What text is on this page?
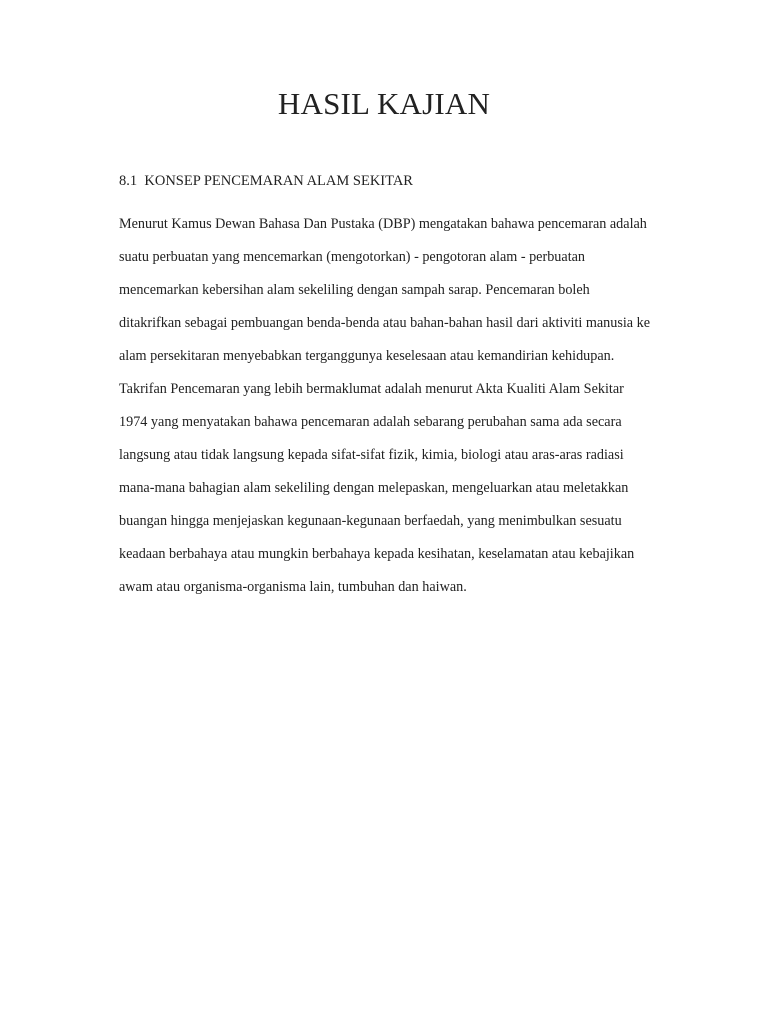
HASIL KAJIAN

8.1  KONSEP PENCEMARAN ALAM SEKITAR

Menurut Kamus Dewan Bahasa Dan Pustaka (DBP) mengatakan bahawa pencemaran adalah
suatu perbuatan yang mencemarkan (mengotorkan) - pengotoran alam - perbuatan
mencemarkan kebersihan alam sekeliling dengan sampah sarap. Pencemaran boleh
ditakrifkan sebagai pembuangan benda-benda atau bahan-bahan hasil dari aktiviti manusia ke
alam persekitaran menyebabkan terganggunya keselesaan atau kemandirian kehidupan.
Takrifan Pencemaran yang lebih bermaklumat adalah menurut Akta Kualiti Alam Sekitar
1974 yang menyatakan bahawa pencemaran adalah sebarang perubahan sama ada secara
langsung atau tidak langsung kepada sifat-sifat fizik, kimia, biologi atau aras-aras radiasi
mana-mana bahagian alam sekeliling dengan melepaskan, mengeluarkan atau meletakkan
buangan hingga menjejaskan kegunaan-kegunaan berfaedah, yang menimbulkan sesuatu
keadaan berbahaya atau mungkin berbahaya kepada kesihatan, keselamatan atau kebajikan
awam atau organisma-organisma lain, tumbuhan dan haiwan.
